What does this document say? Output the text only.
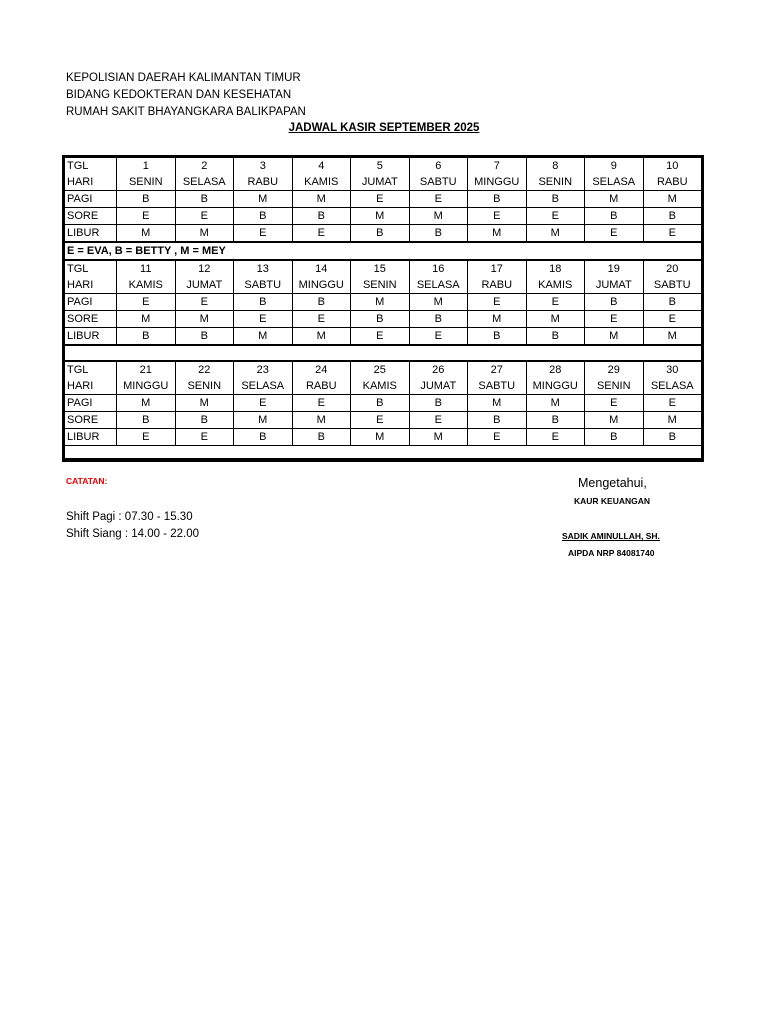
KEPOLISIAN DAERAH KALIMANTAN TIMUR
BIDANG KEDOKTERAN DAN KESEHATAN
RUMAH SAKIT BHAYANGKARA BALIKPAPAN
JADWAL KASIR SEPTEMBER 2025
TGL	1	2	3	4	5	6	7	8	9	10
HARI	SENIN	SELASA	RABU	KAMIS	JUMAT	SABTU	MINGGU	SENIN	SELASA	RABU
PAGI	B	B	M	M	E	E	B	B	M	M
SORE	E	E	B	B	M	M	E	E	B	B
LIBUR	M	M	E	E	B	B	M	M	E	E
E = EVA, B = BETTY , M = MEY										
TGL	11	12	13	14	15	16	17	18	19	20
HARI	KAMIS	JUMAT	SABTU	MINGGU	SENIN	SELASA	RABU	KAMIS	JUMAT	SABTU
PAGI	E	E	B	B	M	M	E	E	B	B
SORE	M	M	E	E	B	B	M	M	E	E
LIBUR	B	B	M	M	E	E	B	B	M	M

TGL	21	22	23	24	25	26	27	28	29	30
HARI	MINGGU	SENIN	SELASA	RABU	KAMIS	JUMAT	SABTU	MINGGU	SENIN	SELASA
PAGI	M	M	E	E	B	B	M	M	E	E
SORE	B	B	M	M	E	E	B	B	M	M
LIBUR	E	E	B	B	M	M	E	E	B	B

CATATAN:
Shift Pagi : 07.30 - 15.30
Shift Siang : 14.00 - 22.00
Mengetahui,
KAUR KEUANGAN
SADIK AMINULLAH, SH.
AIPDA NRP 84081740
